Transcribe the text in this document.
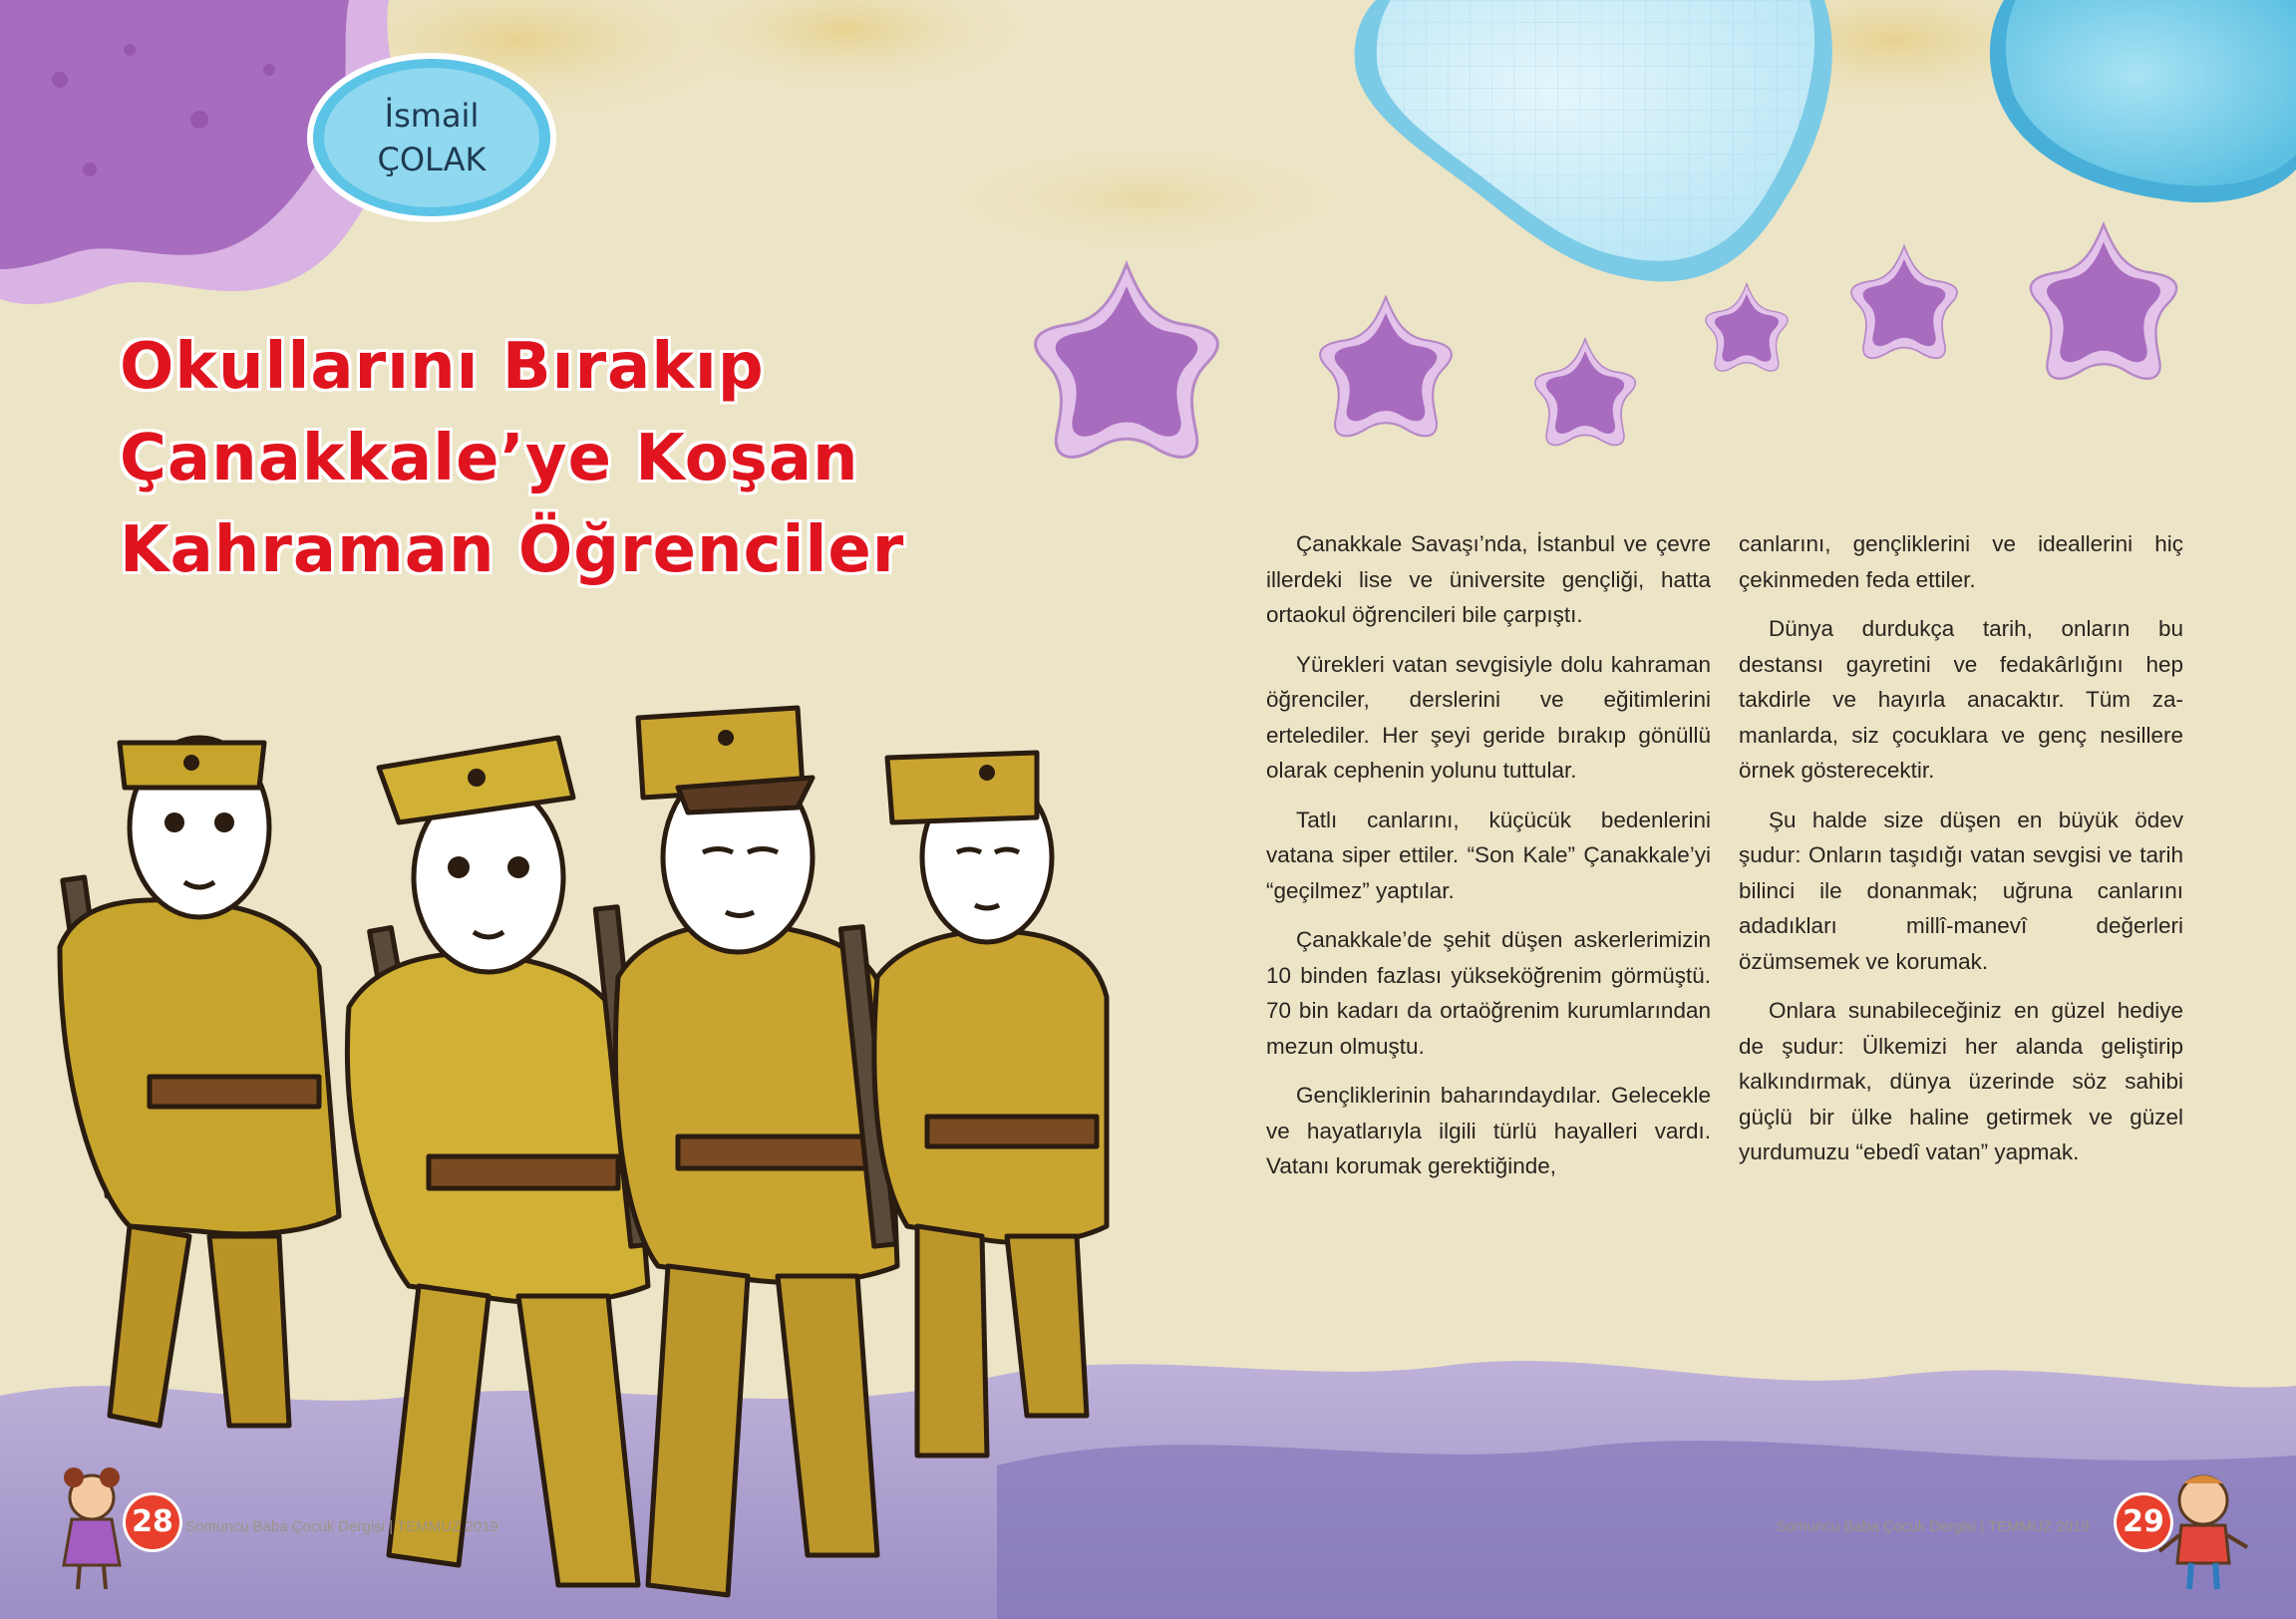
İsmail
ÇOLAK
Okullarını Bırakıp
Çanakkale’ye Koşan
Kahraman Öğrenciler	Çanakkale Savaşı’nda, İstanbul ve çevre illerdeki lise ve üniversite gençliği, hatta ortaokul öğrencileri bile çarpıştı.

Yürekleri vatan sevgisiyle dolu kahraman öğrenciler, derslerini ve eğitimlerini ertelediler. Her şeyi geride bırakıp gönüllü olarak cephenin yolunu tuttular.

Tatlı canlarını, küçücük bedenlerini vatana siper ettiler. “Son Kale” Çanakkale’yi “geçilmez” yaptılar.

Çanakkale’de şehit düşen askerlerimizin 10 binden fazlası yükseköğrenim görmüştü. 70 bin kadarı da ortaöğrenim kurumlarından mezun olmuştu.

Gençliklerinin baharındaydılar. Gelecekle ve hayatlarıyla ilgili türlü hayalleri vardı. Vatanı korumak gerektiğinde,

canlarını, gençliklerini ve ideallerini hiç çekinmeden feda ettiler.

Dünya durdukça tarih, onların bu destansı gayretini ve fedakârlığını hep takdirle ve hayırla anacaktır. Tüm zamanlarda, siz çocuklara ve genç nesillere örnek gösterecektir.

Şu halde size düşen en büyük ödev şudur: Onların taşıdığı vatan sevgisi ve tarih bilinci ile donanmak; uğruna canlarını adadıkları millî-manevî değerleri özümsemek ve korumak.

Onlara sunabileceğiniz en güzel hediye de şudur: Ülkemizi her alanda geliştirip kalkındırmak, dünya üzerinde söz sahibi güçlü bir ülke haline getirmek ve güzel yurdumuzu “ebedî vatan” yapmak.

28 Somuncu Baba Çocuk Dergisi | TEMMUZ 2019	Somuncu Baba Çocuk Dergisi | TEMMUZ 2019 29
